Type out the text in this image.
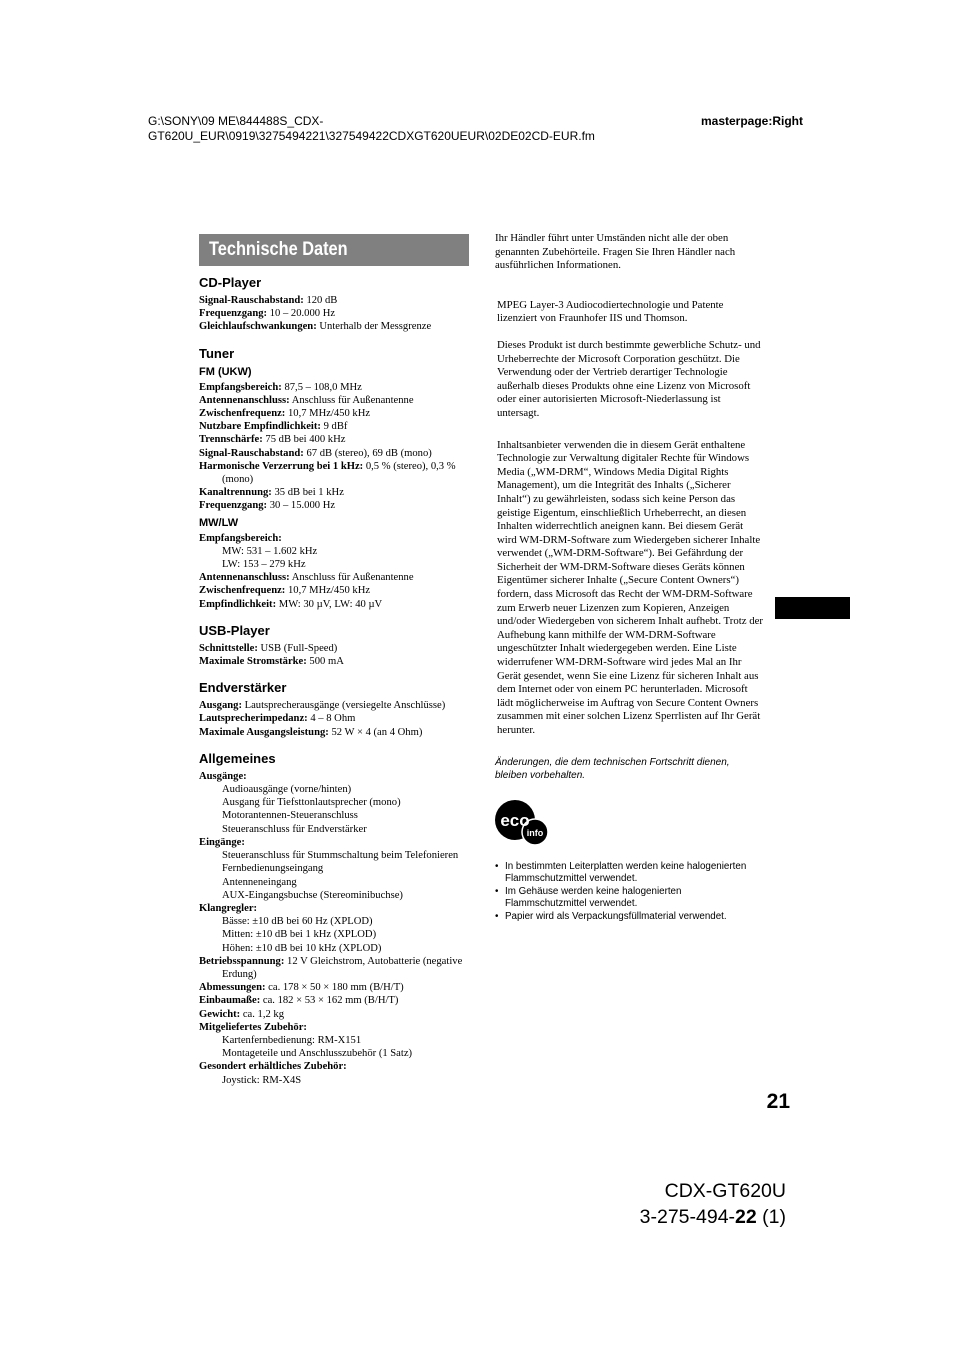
G:\SONY\09 ME\844488S_CDX-
GT620U_EUR\0919\3275494221\327549422CDXGT620UEUR\02DE02CD-EUR.fm
masterpage:Right
Technische Daten
CD-Player
Signal-Rauschabstand: 120 dB
Frequenzgang: 10 – 20.000 Hz
Gleichlaufschwankungen: Unterhalb der Messgrenze
Tuner
FM (UKW)
Empfangsbereich: 87,5 – 108,0 MHz
Antennenanschluss: Anschluss für Außenantenne
Zwischenfrequenz: 10,7 MHz/450 kHz
Nutzbare Empfindlichkeit: 9 dBf
Trennschärfe: 75 dB bei 400 kHz
Signal-Rauschabstand: 67 dB (stereo), 69 dB (mono)
Harmonische Verzerrung bei 1 kHz: 0,5 % (stereo), 0,3 % (mono)
Kanaltrennung: 35 dB bei 1 kHz
Frequenzgang: 30 – 15.000 Hz
MW/LW
Empfangsbereich:
MW: 531 – 1.602 kHz
LW: 153 – 279 kHz
Antennenanschluss: Anschluss für Außenantenne
Zwischenfrequenz: 10,7 MHz/450 kHz
Empfindlichkeit: MW: 30 µV, LW: 40 µV
USB-Player
Schnittstelle: USB (Full-Speed)
Maximale Stromstärke: 500 mA
Endverstärker
Ausgang: Lautsprecherausgänge (versiegelte Anschlüsse)
Lautsprecherimpedanz: 4 – 8 Ohm
Maximale Ausgangsleistung: 52 W × 4 (an 4 Ohm)
Allgemeines
Ausgänge:
Audioausgänge (vorne/hinten)
Ausgang für Tiefsttonlautsprecher (mono)
Motorantennen-Steueranschluss
Steueranschluss für Endverstärker
Eingänge:
Steueranschluss für Stummschaltung beim Telefonieren
Fernbedienungseingang
Antenneneingang
AUX-Eingangsbuchse (Stereominibuchse)
Klangregler:
Bässe: ±10 dB bei 60 Hz (XPLOD)
Mitten: ±10 dB bei 1 kHz (XPLOD)
Höhen: ±10 dB bei 10 kHz (XPLOD)
Betriebsspannung: 12 V Gleichstrom, Autobatterie (negative Erdung)
Abmessungen: ca. 178 × 50 × 180 mm (B/H/T)
Einbaumaße: ca. 182 × 53 × 162 mm (B/H/T)
Gewicht: ca. 1,2 kg
Mitgeliefertes Zubehör:
Kartenfernbedienung: RM-X151
Montageteile und Anschlusszubehör (1 Satz)
Gesondert erhältliches Zubehör:
Joystick: RM-X4S

Ihr Händler führt unter Umständen nicht alle der oben genannten Zubehörteile. Fragen Sie Ihren Händler nach ausführlichen Informationen.

MPEG Layer-3 Audiocodiertechnologie und Patente lizenziert von Fraunhofer IIS und Thomson.

Dieses Produkt ist durch bestimmte gewerbliche Schutz- und Urheberrechte der Microsoft Corporation geschützt. Die Verwendung oder der Vertrieb derartiger Technologie außerhalb dieses Produkts ohne eine Lizenz von Microsoft oder einer autorisierten Microsoft-Niederlassung ist untersagt.

Inhaltsanbieter verwenden die in diesem Gerät enthaltene Technologie zur Verwaltung digitaler Rechte für Windows Media („WM-DRM“, Windows Media Digital Rights Management), um die Integrität des Inhalts („Sicherer Inhalt“) zu gewährleisten, sodass sich keine Person das geistige Eigentum, einschließlich Urheberrecht, an diesen Inhalten widerrechtlich aneignen kann. Bei diesem Gerät wird WM-DRM-Software zum Wiedergeben sicherer Inhalte verwendet („WM-DRM-Software“). Bei Gefährdung der Sicherheit der WM-DRM-Software dieses Geräts können Eigentümer sicherer Inhalte („Secure Content Owners“) fordern, dass Microsoft das Recht der WM-DRM-Software zum Erwerb neuer Lizenzen zum Kopieren, Anzeigen und/oder Wiedergeben von sicherem Inhalt aufhebt. Trotz der Aufhebung kann mithilfe der WM-DRM-Software ungeschützter Inhalt wiedergegeben werden. Eine Liste widerrufener WM-DRM-Software wird jedes Mal an Ihr Gerät gesendet, wenn Sie eine Lizenz für sicheren Inhalt aus dem Internet oder von einem PC herunterladen. Microsoft lädt möglicherweise im Auftrag von Secure Content Owners zusammen mit einer solchen Lizenz Sperrlisten auf Ihr Gerät herunter.

Änderungen, die dem technischen Fortschritt dienen, bleiben vorbehalten.

eco
info
• In bestimmten Leiterplatten werden keine halogenierten Flammschutzmittel verwendet.
• Im Gehäuse werden keine halogenierten Flammschutzmittel verwendet.
• Papier wird als Verpackungsfüllmaterial verwendet.
21
CDX-GT620U
3-275-494-22 (1)
